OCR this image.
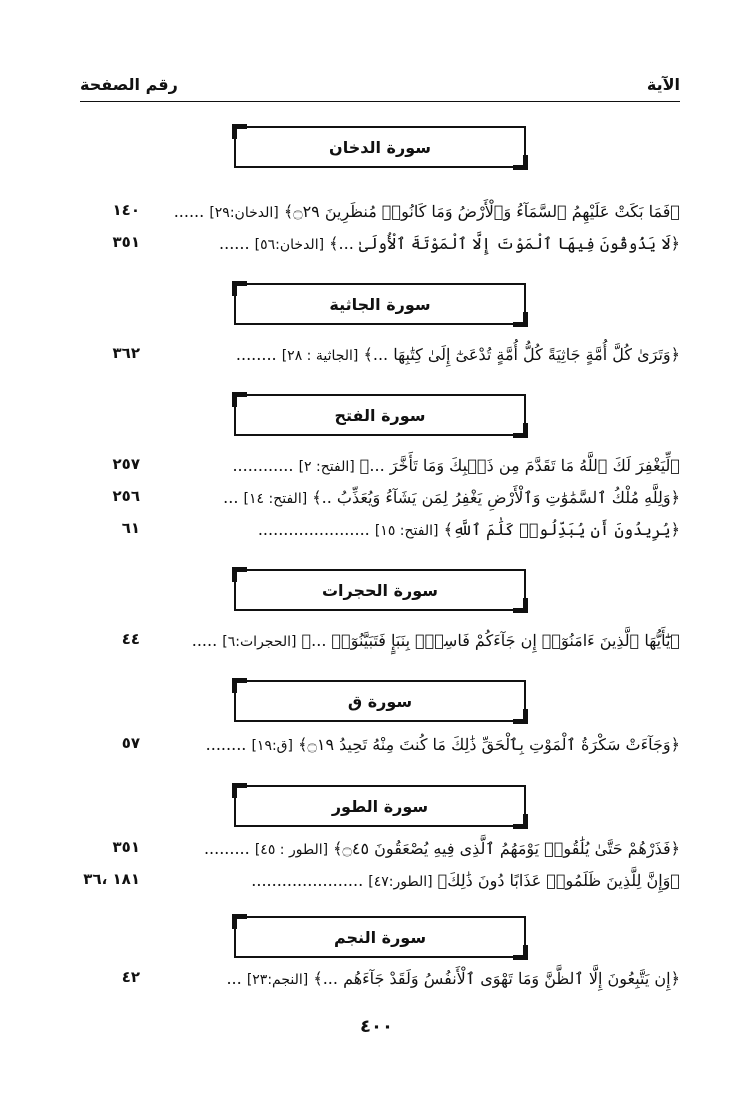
الآية
رقم الصفحة
سورة الدخان
﴿فَمَا بَكَتْ عَلَيْهِمُ ٱلسَّمَآءُ وَٱلْأَرْضُ وَمَا كَانُوا۟ مُنظَرِينَ ۝٢٩﴾ [الدخان:٢٩] ......
١٤٠
﴿لَا يَذُوقُونَ فِيهَا ٱلْمَوْتَ إِلَّا ٱلْمَوْتَةَ ٱلْأُولَىٰ ...﴾ [الدخان:٥٦] ......
٣٥١
سورة الجاثية
﴿وَتَرَىٰ كُلَّ أُمَّةٍ جَاثِيَةً كُلُّ أُمَّةٍ تُدْعَىٰٓ إِلَىٰ كِتَٰبِهَا ...﴾ [الجاثية : ٢٨] ........
٣٦٢
سورة الفتح
﴿لِّيَغْفِرَ لَكَ ٱللَّهُ مَا تَقَدَّمَ مِن ذَنۢبِكَ وَمَا تَأَخَّرَ ...﴾ [الفتح: ٢] ............
٢٥٧
﴿وَلِلَّهِ مُلْكُ ٱلسَّمَٰوَٰتِ وَٱلْأَرْضِ يَغْفِرُ لِمَن يَشَآءُ وَيُعَذِّبُ ..﴾ [الفتح: ١٤] ...
٢٥٦
﴿يُرِيدُونَ أَن يُبَدِّلُوا۟ كَلَٰمَ ٱللَّهِ﴾ [الفتح: ١٥] ......................
٦١
سورة الحجرات
﴿يَٰٓأَيُّهَا ٱلَّذِينَ ءَامَنُوٓا۟ إِن جَآءَكُمْ فَاسِقٌۢ بِنَبَإٍ فَتَبَيَّنُوٓا۟ ...﴾ [الحجرات:٦] .....
٤٤
سورة ق
﴿وَجَآءَتْ سَكْرَةُ ٱلْمَوْتِ بِٱلْحَقِّ ذَٰلِكَ مَا كُنتَ مِنْهُ تَحِيدُ ۝١٩﴾ [ق:١٩] ........
٥٧
سورة الطور
﴿فَذَرْهُمْ حَتَّىٰ يُلَٰقُوا۟ يَوْمَهُمُ ٱلَّذِى فِيهِ يُصْعَقُونَ ۝٤٥﴾ [الطور : ٤٥] .........
٣٥١
﴿وَإِنَّ لِلَّذِينَ ظَلَمُوا۟ عَذَابًا دُونَ ذَٰلِكَ﴾ [الطور:٤٧] ......................
١٨١ ،٣٦
سورة النجم
﴿إِن يَتَّبِعُونَ إِلَّا ٱلظَّنَّ وَمَا تَهْوَى ٱلْأَنفُسُ وَلَقَدْ جَآءَهُم ...﴾ [النجم:٢٣] ...
٤٢
٤٠٠
